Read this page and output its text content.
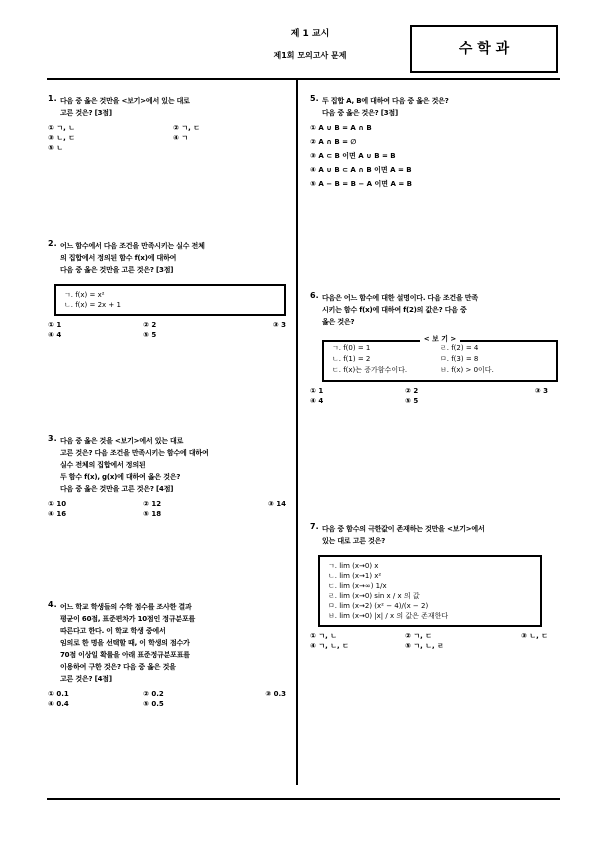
제 1 교시
제1회 모의고사 문제	수 학 과
1. 다음 중 옳은 것만을 <보기>에서 있는 대로
고른 것은? [3점]
① ㄱ, ㄴ	② ㄱ, ㄷ
③ ㄴ, ㄷ	④ ㄱ
⑤ ㄴ
2. 어느 함수에서 다음 조건을 만족시키는 실수 전체
의 집합에서 정의된 함수 f(x)에 대하여
다음 중 옳은 것만을 고른 것은? [3점]
ㄱ. f(x) = x²
ㄴ. f(x) = 2x + 1
① 1	② 2	③ 3
④ 4	⑤ 5
3. 다음 중 옳은 것을 <보기>에서 있는 대로
고른 것은? 다음 조건을 만족시키는 함수에 대하여
실수 전체의 집합에서 정의된
두 함수 f(x), g(x)에 대하여 옳은 것은?
다음 중 옳은 것만을 고른 것은? [4점]
① 10	② 12	③ 14
④ 16	⑤ 18
4. 어느 학교 학생들의 수학 점수를 조사한 결과
평균이 60점, 표준편차가 10점인 정규분포를
따른다고 한다. 이 학교 학생 중에서
임의로 한 명을 선택할 때, 이 학생의 점수가
70점 이상일 확률을 아래 표준정규분포표를
이용하여 구한 것은? 다음 중 옳은 것을
고른 것은? [4점]
① 0.1	② 0.2	③ 0.3
④ 0.4	⑤ 0.5
5. 두 집합 A, B에 대하여 다음 중 옳은 것은?
다음 중 옳은 것은? [3점]
① A ∪ B = A ∩ B
② A ∩ B = ∅
③ A ⊂ B 이면 A ∪ B = B
④ A ∪ B ⊂ A ∩ B 이면 A = B
⑤ A − B = B − A 이면 A = B
6. 다음은 어느 함수에 대한 설명이다. 다음 조건을 만족
시키는 함수 f(x)에 대하여 f(2)의 값은? 다음 중
옳은 것은?
< 보 기 >
ㄱ. f(0) = 1
ㄴ. f(1) = 2
ㄷ. f(x)는 증가함수이다.
ㄹ. f(2) = 4
ㅁ. f(3) = 8
ㅂ. f(x) > 0이다.
① 1	② 2	③ 3
④ 4	⑤ 5
7. 다음 중 함수의 극한값이 존재하는 것만을 <보기>에서
있는 대로 고른 것은?
ㄱ. lim (x→0) x
ㄴ. lim (x→1) x²
ㄷ. lim (x→∞) 1/x
ㄹ. lim (x→0) sin x / x 의 값
ㅁ. lim (x→2) (x² − 4)/(x − 2)
ㅂ. lim (x→0) |x| / x 의 값은 존재한다
① ㄱ, ㄴ	② ㄱ, ㄷ	③ ㄴ, ㄷ
④ ㄱ, ㄴ, ㄷ	⑤ ㄱ, ㄴ, ㄹ
